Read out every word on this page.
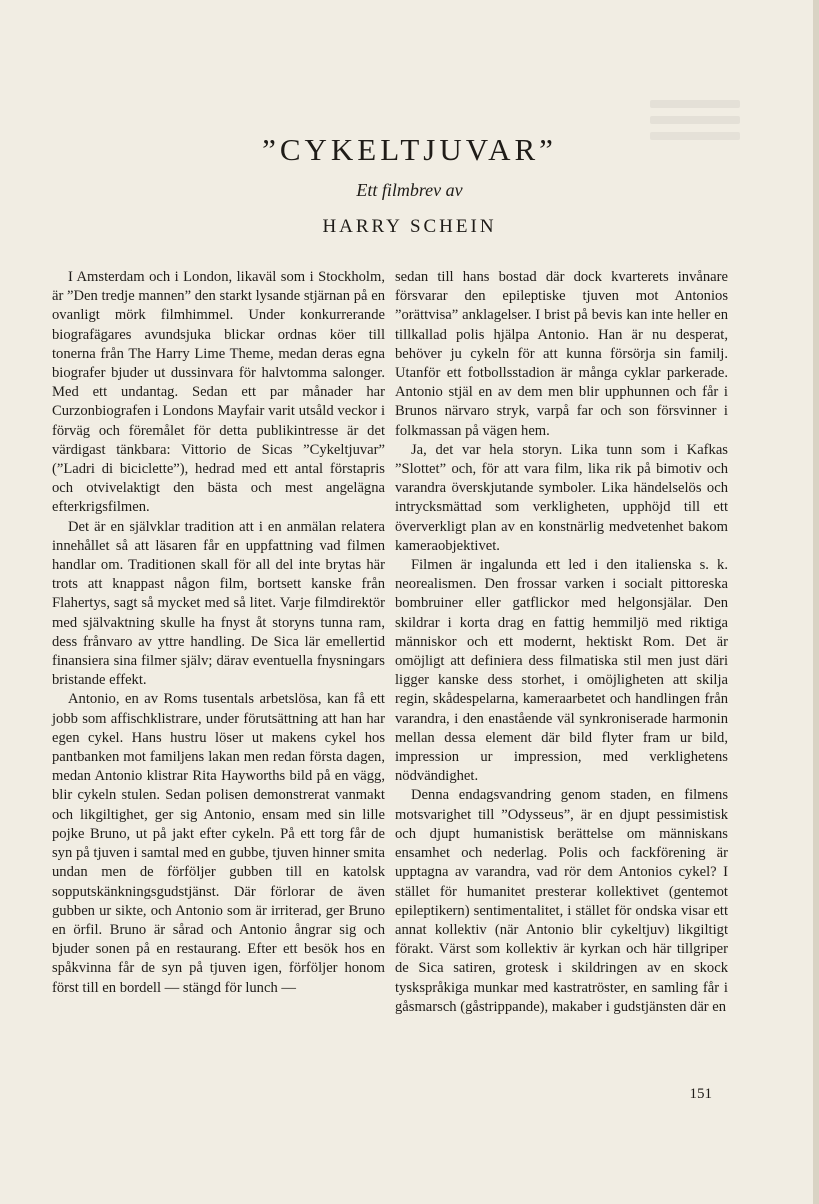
”CYKELTJUVAR”
Ett filmbrev av
HARRY SCHEIN

I Amsterdam och i London, likaväl som i Stockholm, är ”Den tredje mannen” den starkt lysande stjärnan på en ovanligt mörk filmhimmel. Under konkurrerande biografägares avundsjuka blickar ordnas köer till tonerna från The Harry Lime Theme, medan deras egna biografer bjuder ut dussinvara för halvtomma salonger. Med ett undantag. Sedan ett par månader har Curzonbiografen i Londons Mayfair varit utsåld veckor i förväg och föremålet för detta publikintresse är det värdigast tänkbara: Vittorio de Sicas ”Cykeltjuvar” (”Ladri di biciclette”), hedrad med ett antal förstapris och otvivelaktigt den bästa och mest angelägna efterkrigsfilmen.

Det är en självklar tradition att i en anmälan relatera innehållet så att läsaren får en uppfattning vad filmen handlar om. Traditionen skall för all del inte brytas här trots att knappast någon film, bortsett kanske från Flahertys, sagt så mycket med så litet. Varje filmdirektör med självaktning skulle ha fnyst åt storyns tunna ram, dess frånvaro av yttre handling. De Sica lär emellertid finansiera sina filmer själv; därav eventuella fnysningars bristande effekt.

Antonio, en av Roms tusentals arbetslösa, kan få ett jobb som affischklistrare, under förutsättning att han har egen cykel. Hans hustru löser ut makens cykel hos pantbanken mot familjens lakan men redan första dagen, medan Antonio klistrar Rita Hayworths bild på en vägg, blir cykeln stulen. Sedan polisen demonstrerat vanmakt och likgiltighet, ger sig Antonio, ensam med sin lille pojke Bruno, ut på jakt efter cykeln. På ett torg får de syn på tjuven i samtal med en gubbe, tjuven hinner smita undan men de förföljer gubben till en katolsk sopputskänkningsgudstjänst. Där förlorar de även gubben ur sikte, och Antonio som är irriterad, ger Bruno en örfil. Bruno är sårad och Antonio ångrar sig och bjuder sonen på en restaurang. Efter ett besök hos en spåkvinna får de syn på tjuven igen, förföljer honom först till en bordell — stängd för lunch —

sedan till hans bostad där dock kvarterets invånare försvarar den epileptiske tjuven mot Antonios ”orättvisa” anklagelser. I brist på bevis kan inte heller en tillkallad polis hjälpa Antonio. Han är nu desperat, behöver ju cykeln för att kunna försörja sin familj. Utanför ett fotbollsstadion är många cyklar parkerade. Antonio stjäl en av dem men blir upphunnen och får i Brunos närvaro stryk, varpå far och son försvinner i folkmassan på vägen hem.

Ja, det var hela storyn. Lika tunn som i Kafkas ”Slottet” och, för att vara film, lika rik på bimotiv och varandra överskjutande symboler. Lika händelselös och intrycksmättad som verkligheten, upphöjd till ett öververkligt plan av en konstnärlig medvetenhet bakom kameraobjektivet.

Filmen är ingalunda ett led i den italienska s. k. neorealismen. Den frossar varken i socialt pittoreska bombruiner eller gatflickor med helgonsjälar. Den skildrar i korta drag en fattig hemmiljö med riktiga människor och ett modernt, hektiskt Rom. Det är omöjligt att definiera dess filmatiska stil men just däri ligger kanske dess storhet, i omöjligheten att skilja regin, skådespelarna, kameraarbetet och handlingen från varandra, i den enastående väl synkroniserade harmonin mellan dessa element där bild flyter fram ur bild, impression ur impression, med verklighetens nödvändighet.

Denna endagsvandring genom staden, en filmens motsvarighet till ”Odysseus”, är en djupt pessimistisk och djupt humanistisk berättelse om människans ensamhet och nederlag. Polis och fackförening är upptagna av varandra, vad rör dem Antonios cykel? I stället för humanitet presterar kollektivet (gentemot epileptikern) sentimentalitet, i stället för ondska visar ett annat kollektiv (när Antonio blir cykeltjuv) likgiltigt förakt. Värst som kollektiv är kyrkan och här tillgriper de Sica satiren, grotesk i skildringen av en skock tyskspråkiga munkar med kastratröster, en samling får i gåsmarsch (gåstrippande), makaber i gudstjänsten där en

151
